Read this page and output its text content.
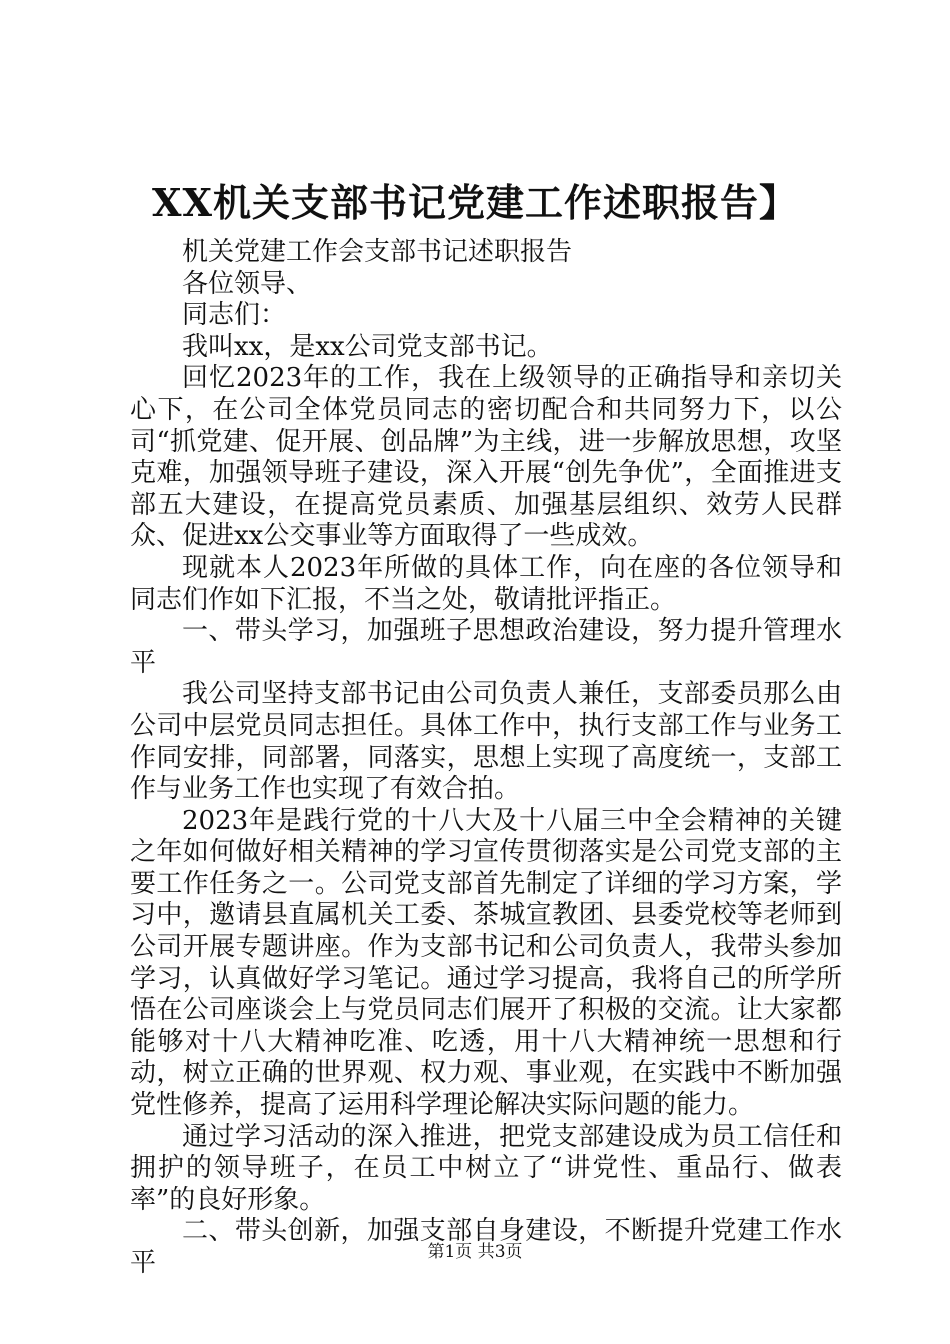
XX机关支部书记党建工作述职报告】

机关党建工作会支部书记述职报告

各位领导、

同志们：

我叫xx，是xx公司党支部书记。

回忆2023年的工作，我在上级领导的正确指导和亲切关心下，在公司全体党员同志的密切配合和共同努力下，以公司“抓党建、促开展、创品牌”为主线，进一步解放思想，攻坚克难，加强领导班子建设，深入开展“创先争优”，全面推进支部五大建设，在提高党员素质、加强基层组织、效劳人民群众、促进xx公交事业等方面取得了一些成效。

现就本人2023年所做的具体工作，向在座的各位领导和同志们作如下汇报，不当之处，敬请批评指正。

一、带头学习，加强班子思想政治建设，努力提升管理水平

我公司坚持支部书记由公司负责人兼任，支部委员那么由公司中层党员同志担任。具体工作中，执行支部工作与业务工作同安排，同部署，同落实，思想上实现了高度统一，支部工作与业务工作也实现了有效合拍。

2023年是践行党的十八大及十八届三中全会精神的关键之年如何做好相关精神的学习宣传贯彻落实是公司党支部的主要工作任务之一。公司党支部首先制定了详细的学习方案，学习中，邀请县直属机关工委、茶城宣教团、县委党校等老师到公司开展专题讲座。作为支部书记和公司负责人，我带头参加学习，认真做好学习笔记。通过学习提高，我将自己的所学所悟在公司座谈会上与党员同志们展开了积极的交流。让大家都能够对十八大精神吃准、吃透，用十八大精神统一思想和行动，树立正确的世界观、权力观、事业观，在实践中不断加强党性修养，提高了运用科学理论解决实际问题的能力。

通过学习活动的深入推进，把党支部建设成为员工信任和拥护的领导班子，在员工中树立了“讲党性、重品行、做表率”的良好形象。

二、带头创新，加强支部自身建设，不断提升党建工作水平	第1页 共3页
